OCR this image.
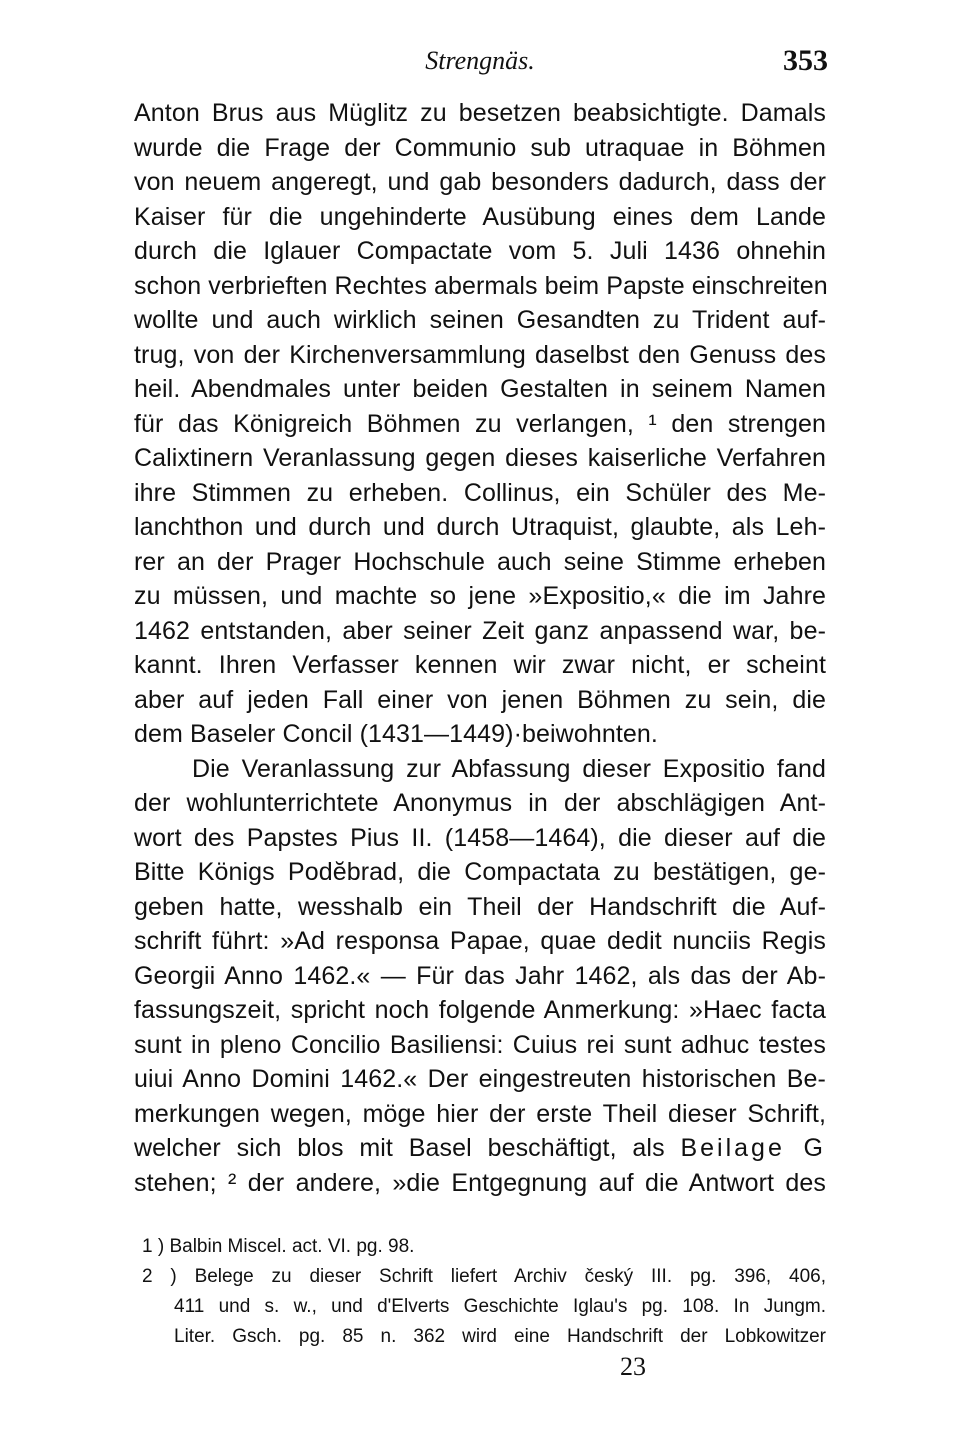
Strengnäs.	353
Anton Brus aus Müglitz zu besetzen beabsichtigte. Damals
wurde die Frage der Communio sub utraquae in Böhmen
von neuem angeregt, und gab besonders dadurch, dass der
Kaiser für die ungehinderte Ausübung eines dem Lande
durch die Iglauer Compactate vom 5. Juli 1436 ohnehin
schon verbrieften Rechtes abermals beim Papste einschreiten
wollte und auch wirklich seinen Gesandten zu Trident auf-
trug, von der Kirchenversammlung daselbst den Genuss des
heil. Abendmales unter beiden Gestalten in seinem Namen
für das Königreich Böhmen zu verlangen, ¹ den strengen
Calixtinern Veranlassung gegen dieses kaiserliche Verfahren
ihre Stimmen zu erheben. Collinus, ein Schüler des Me-
lanchthon und durch und durch Utraquist, glaubte, als Leh-
rer an der Prager Hochschule auch seine Stimme erheben
zu müssen, und machte so jene »Expositio,« die im Jahre
1462 entstanden, aber seiner Zeit ganz anpassend war, be-
kannt. Ihren Verfasser kennen wir zwar nicht, er scheint
aber auf jeden Fall einer von jenen Böhmen zu sein, die
dem Baseler Concil (1431—1449)·beiwohnten.
Die Veranlassung zur Abfassung dieser Expositio fand
der wohlunterrichtete Anonymus in der abschlägigen Ant-
wort des Papstes Pius II. (1458—1464), die dieser auf die
Bitte Königs Podĕbrad, die Compactata zu bestätigen, ge-
geben hatte, wesshalb ein Theil der Handschrift die Auf-
schrift führt: »Ad responsa Papae, quae dedit nunciis Regis
Georgii Anno 1462.« — Für das Jahr 1462, als das der Ab-
fassungszeit, spricht noch folgende Anmerkung: »Haec facta
sunt in pleno Concilio Basiliensi: Cuius rei sunt adhuc testes
uiui Anno Domini 1462.« Der eingestreuten historischen Be-
merkungen wegen, möge hier der erste Theil dieser Schrift,
welcher sich blos mit Basel beschäftigt, als Beilage G
stehen; ² der andere, »die Entgegnung auf die Antwort des
1 ) Balbin Miscel. act. VI. pg. 98.
2 ) Belege zu dieser Schrift liefert Archiv český III. pg. 396, 406,
411 und s. w., und d'Elverts Geschichte Iglau's pg. 108. In Jungm.
Liter. Gsch. pg. 85 n. 362 wird eine Handschrift der Lobkowitzer
23
